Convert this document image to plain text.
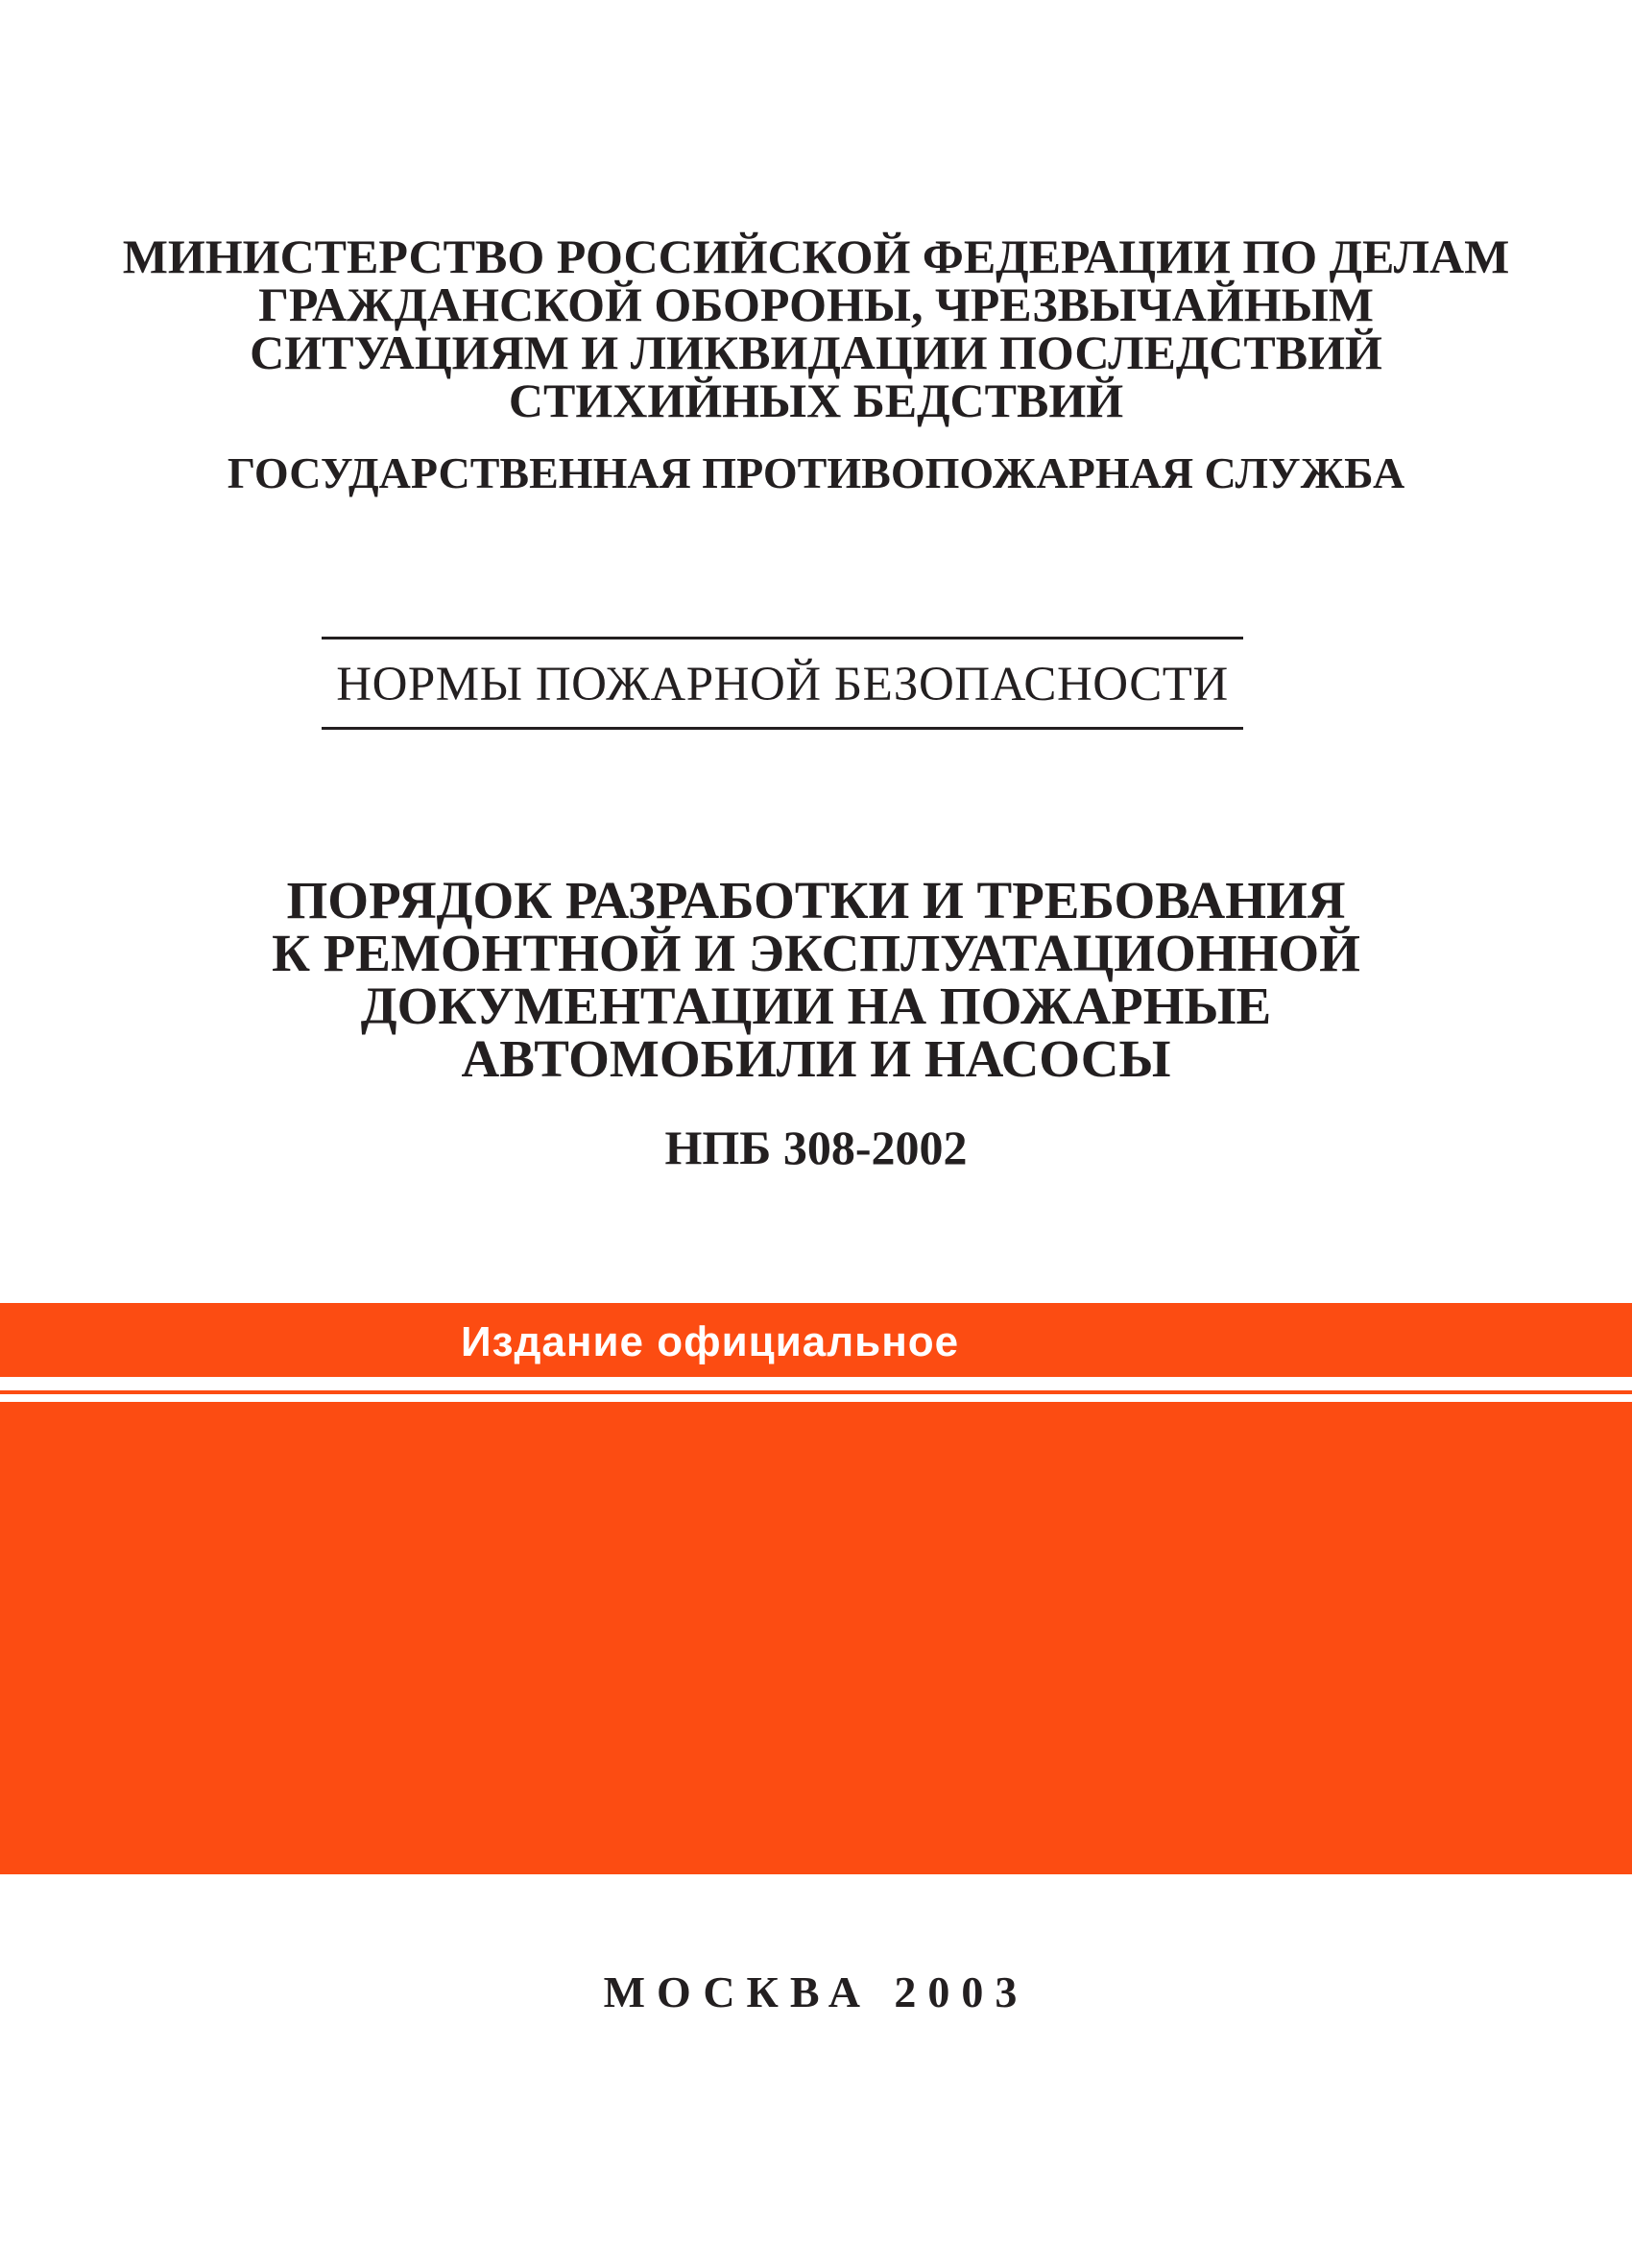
МИНИСТЕРСТВО РОССИЙСКОЙ ФЕДЕРАЦИИ ПО ДЕЛАМ
ГРАЖДАНСКОЙ ОБОРОНЫ, ЧРЕЗВЫЧАЙНЫМ
СИТУАЦИЯМ И ЛИКВИДАЦИИ ПОСЛЕДСТВИЙ
СТИХИЙНЫХ БЕДСТВИЙ
ГОСУДАРСТВЕННАЯ ПРОТИВОПОЖАРНАЯ СЛУЖБА
НОРМЫ ПОЖАРНОЙ БЕЗОПАСНОСТИ
ПОРЯДОК РАЗРАБОТКИ И ТРЕБОВАНИЯ
К РЕМОНТНОЙ И ЭКСПЛУАТАЦИОННОЙ
ДОКУМЕНТАЦИИ НА ПОЖАРНЫЕ
АВТОМОБИЛИ И НАСОСЫ
НПБ 308-2002
Издание официальное
МОСКВА 2003
